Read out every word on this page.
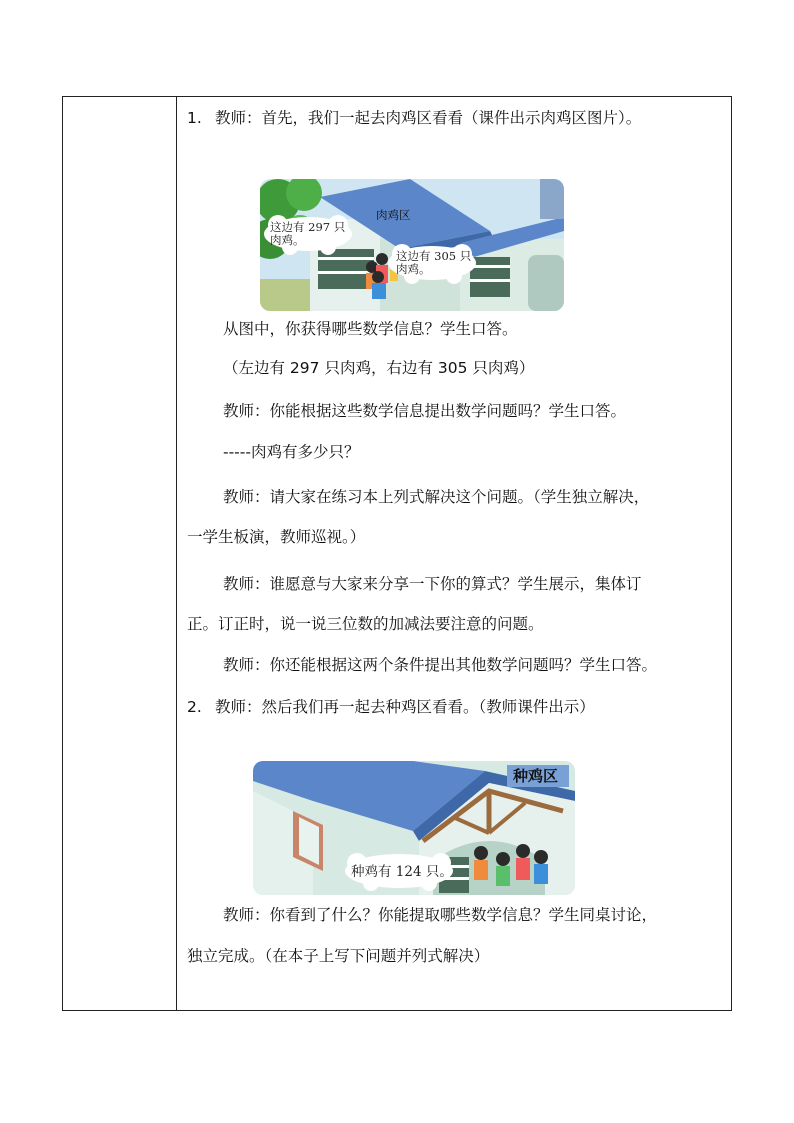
1. 教师：首先，我们一起去肉鸡区看看（课件出示肉鸡区图片）。
肉鸡区
这边有 297 只
肉鸡。
这边有 305 只
肉鸡。
从图中，你获得哪些数学信息？学生口答。
（左边有 297 只肉鸡，右边有 305 只肉鸡）
教师：你能根据这些数学信息提出数学问题吗？学生口答。
-----肉鸡有多少只？
教师：请大家在练习本上列式解决这个问题。（学生独立解决，
一学生板演，教师巡视。）
教师：谁愿意与大家来分享一下你的算式？学生展示，集体订
正。订正时，说一说三位数的加减法要注意的问题。
教师：你还能根据这两个条件提出其他数学问题吗？学生口答。
2. 教师：然后我们再一起去种鸡区看看。（教师课件出示）
种鸡区
种鸡有 124 只。
教师：你看到了什么？你能提取哪些数学信息？学生同桌讨论，
独立完成。（在本子上写下问题并列式解决）
